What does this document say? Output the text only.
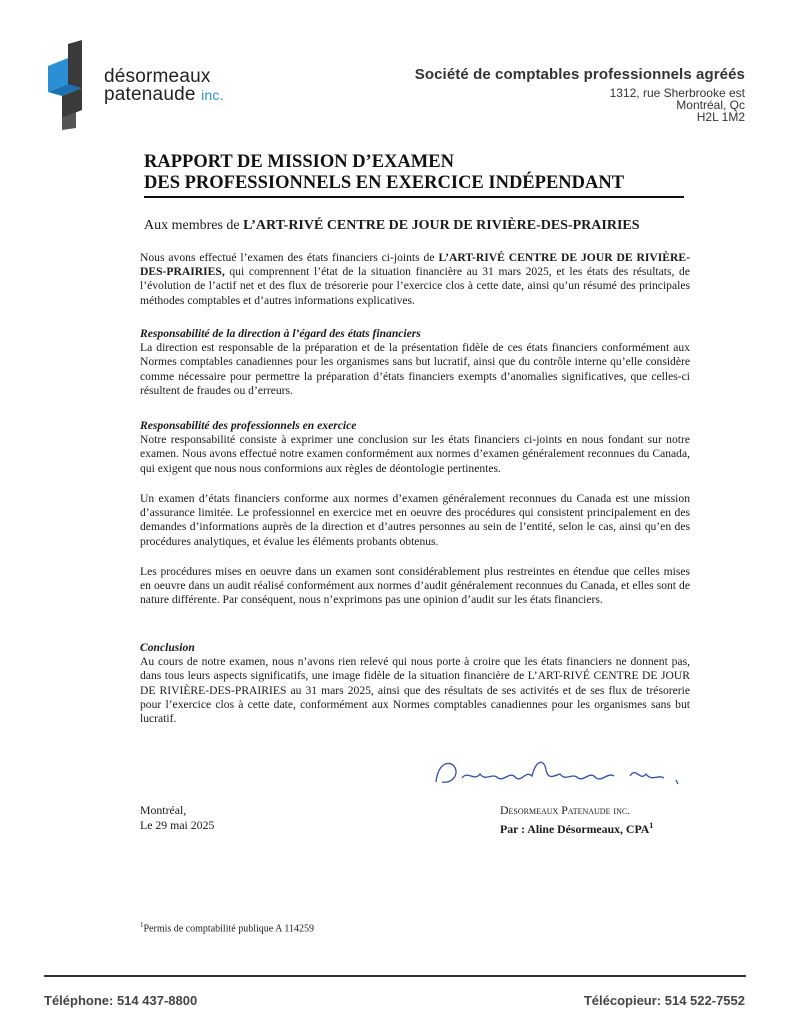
désormeaux
patenaude inc.
Société de comptables professionnels agréés
1312, rue Sherbrooke est
Montréal, Qc
H2L 1M2
RAPPORT DE MISSION D’EXAMEN
DES PROFESSIONNELS EN EXERCICE INDÉPENDANT
Aux membres de L’ART-RIVÉ CENTRE DE JOUR DE RIVIÈRE-DES-PRAIRIES

Nous avons effectué l’examen des états financiers ci-joints de L’ART-RIVÉ CENTRE DE JOUR DE RIVIÈRE-DES-PRAIRIES, qui comprennent l’état de la situation financière au 31 mars 2025, et les états des résultats, de l’évolution de l’actif net et des flux de trésorerie pour l’exercice clos à cette date, ainsi qu’un résumé des principales méthodes comptables et d’autres informations explicatives.

Responsabilité de la direction à l’égard des états financiers

La direction est responsable de la préparation et de la présentation fidèle de ces états financiers conformément aux Normes comptables canadiennes pour les organismes sans but lucratif, ainsi que du contrôle interne qu’elle considère comme nécessaire pour permettre la préparation d’états financiers exempts d’anomalies significatives, que celles-ci résultent de fraudes ou d’erreurs.

Responsabilité des professionnels en exercice

Notre responsabilité consiste à exprimer une conclusion sur les états financiers ci-joints en nous fondant sur notre examen. Nous avons effectué notre examen conformément aux normes d’examen généralement reconnues du Canada, qui exigent que nous nous conformions aux règles de déontologie pertinentes.

Un examen d’états financiers conforme aux normes d’examen généralement reconnues du Canada est une mission d’assurance limitée. Le professionnel en exercice met en oeuvre des procédures qui consistent principalement en des demandes d’informations auprès de la direction et d’autres personnes au sein de l’entité, selon le cas, ainsi qu’en des procédures analytiques, et évalue les éléments probants obtenus.

Les procédures mises en oeuvre dans un examen sont considérablement plus restreintes en étendue que celles mises en oeuvre dans un audit réalisé conformément aux normes d’audit généralement reconnues du Canada, et elles sont de nature différente. Par conséquent, nous n’exprimons pas une opinion d’audit sur les états financiers.

Conclusion

Au cours de notre examen, nous n’avons rien relevé qui nous porte à croire que les états financiers ne donnent pas, dans tous leurs aspects significatifs, une image fidèle de la situation financière de L’ART-RIVÉ CENTRE DE JOUR DE RIVIÈRE-DES-PRAIRIES au 31 mars 2025, ainsi que des résultats de ses activités et de ses flux de trésorerie pour l’exercice clos à cette date, conformément aux Normes comptables canadiennes pour les organismes sans but lucratif.

Montréal,
Le 29 mai 2025
Desormeaux Patenaude inc.
Par : Aline Désormeaux, CPA$^1$
$^1$Permis de comptabilité publique A 114259
Téléphone: 514 437-8800	Télécopieur: 514 522-7552
